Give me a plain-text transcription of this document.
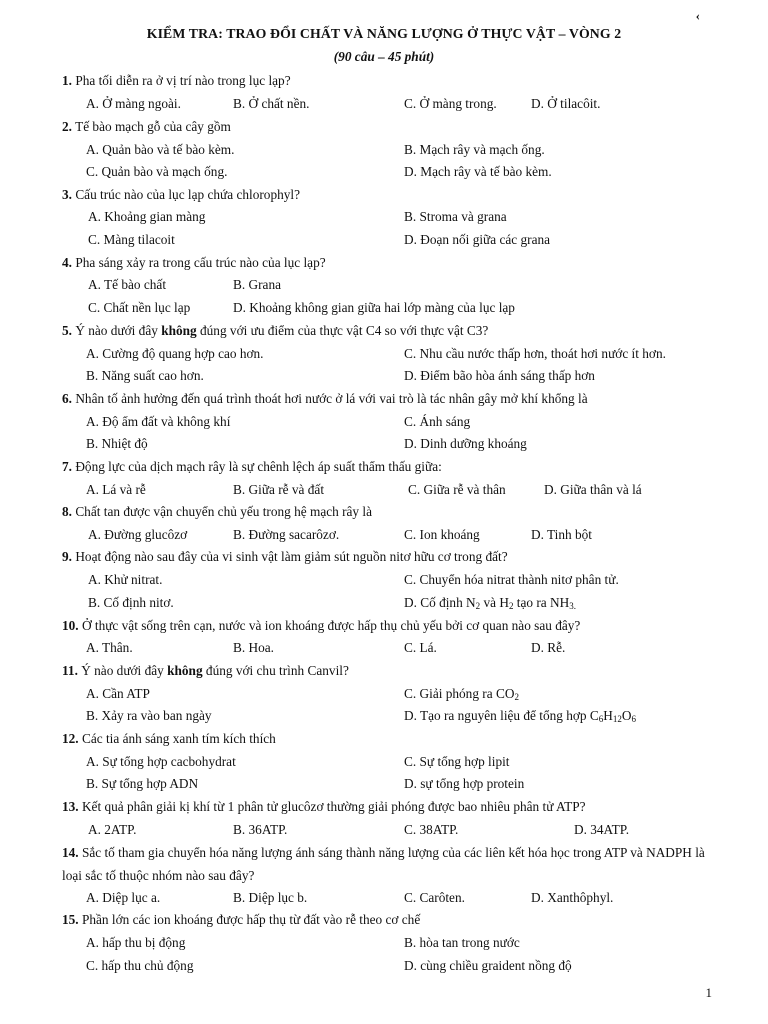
‹
KIỂM TRA: TRAO ĐỔI CHẤT VÀ NĂNG LƯỢNG Ở THỰC VẬT – VÒNG 2
(90 câu – 45 phút)
1. Pha tối diễn ra ở vị trí nào trong lục lạp?
A. Ở màng ngoài.	B. Ở chất nền.	C. Ở màng trong.	D. Ở tilacôit.
2. Tế bào mạch gỗ của cây gồm
A. Quản bào và tế bào kèm.	B. Mạch rây và mạch ống.
C. Quản bào và mạch ống.	D. Mạch rây và tế bào kèm.
3. Cấu trúc nào của lục lạp chứa chlorophyl?
A. Khoảng gian màng	B. Stroma và grana
C. Màng tilacoit	D. Đoạn nối giữa các grana
4. Pha sáng xảy ra trong cấu trúc nào của lục lạp?
A. Tế bào chất	B. Grana
C. Chất nền lục lạp	D. Khoảng không gian giữa hai lớp màng của lục lạp
5. Ý nào dưới đây không đúng với ưu điểm của thực vật C4 so với thực vật C3?
A. Cường độ quang hợp cao hơn.	C. Nhu cầu nước thấp hơn, thoát hơi nước ít hơn.
B. Năng suất cao hơn.	D. Điểm bão hòa ánh sáng thấp hơn
6. Nhân tố ảnh hưởng đến quá trình thoát hơi nước ở lá với vai trò là tác nhân gây mở khí khổng là
A. Độ ẩm đất và không khí	C. Ánh sáng
B. Nhiệt độ	D. Dinh dưỡng khoáng
7. Động lực của dịch mạch rây là sự chênh lệch áp suất thẩm thấu giữa:
A. Lá và rễ	B. Giữa rễ và đất	C. Giữa rễ và thân	D. Giữa thân và lá
8. Chất tan được vận chuyển chủ yếu trong hệ mạch rây là
A. Đường glucôzơ	B. Đường sacarôzơ.	C. Ion khoáng	D. Tinh bột
9. Hoạt động nào sau đây của vi sinh vật làm giảm sút nguồn nitơ hữu cơ trong đất?
A. Khử nitrat.	C. Chuyển hóa nitrat thành nitơ phân tử.
B. Cố định nitơ.	D. Cố định $N_2$ và $H_2$ tạo ra $NH_{3.}$
10. Ở thực vật sống trên cạn, nước và ion khoáng được hấp thụ chủ yếu bởi cơ quan nào sau đây?
A. Thân.	B. Hoa.	C. Lá.	D. Rễ.
11. Ý nào dưới đây không đúng với chu trình Canvil?
A. Cần ATP	C. Giải phóng ra $CO_2$
B. Xảy ra vào ban ngày	D. Tạo ra nguyên liệu để tổng hợp $C_6H_{12}O_6$
12. Các tia ánh sáng xanh tím kích thích
A. Sự tổng hợp cacbohydrat	C. Sự tổng hợp lipit
B. Sự tổng hợp ADN	D. sự tổng hợp protein
13. Kết quả phân giải kị khí từ 1 phân tử glucôzơ thường giải phóng được bao nhiêu phân tử ATP?
A. 2ATP.	B. 36ATP.	C. 38ATP.	D. 34ATP.
14. Sắc tố tham gia chuyển hóa năng lượng ánh sáng thành năng lượng của các liên kết hóa học trong ATP và NADPH là loại sắc tố thuộc nhóm nào sau đây?
A. Diệp lục a.	B. Diệp lục b.	C. Carôten.	D. Xanthôphyl.
15. Phần lớn các ion khoáng được hấp thụ từ đất vào rễ theo cơ chế
A. hấp thu bị động	B. hòa tan trong nước
C. hấp thu chủ động	D. cùng chiều graident nồng độ
1
